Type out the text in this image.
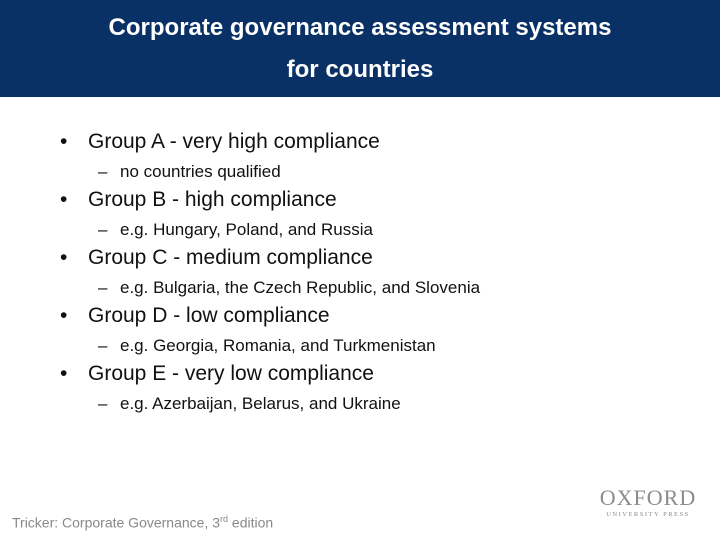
Corporate governance assessment systems
for countries
• Group A - very high compliance
– no countries qualified
• Group B - high compliance
– e.g. Hungary, Poland, and Russia
• Group C - medium compliance
– e.g. Bulgaria, the Czech Republic, and Slovenia
• Group D - low compliance
– e.g. Georgia, Romania, and Turkmenistan
• Group E - very low compliance
– e.g. Azerbaijan, Belarus, and Ukraine
Tricker: Corporate Governance, 3rd edition
OXFORD
UNIVERSITY PRESS
